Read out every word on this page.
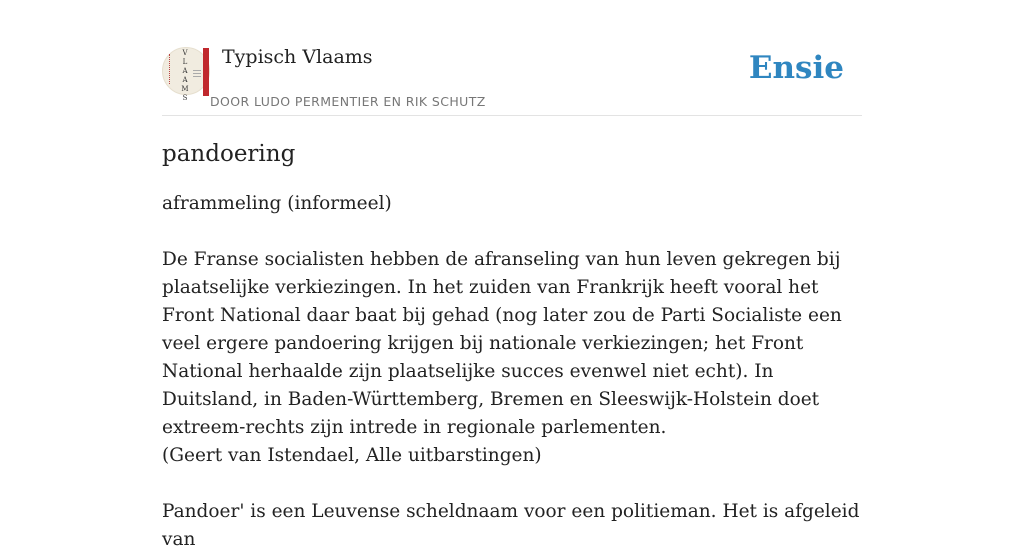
V
L
A
A
M
S
Typisch Vlaams
DOOR LUDO PERMENTIER EN RIK SCHUTZ
Ensie
pandoering

aframmeling (informeel)

De Franse socialisten hebben de afranseling van hun leven gekregen bij plaatselijke verkiezingen. In het zuiden van Frankrijk heeft vooral het Front National daar baat bij gehad (nog later zou de Parti Socialiste een veel ergere pandoering krijgen bij nationale verkiezingen; het Front National herhaalde zijn plaatselijke succes evenwel niet echt). In Duitsland, in Baden-Württemberg, Bremen en Sleeswijk-Holstein doet extreem-rechts zijn intrede in regionale parlementen.

(Geert van Istendael, Alle uitbarstingen)

Pandoer' is een Leuvense scheldnaam voor een politieman. Het is afgeleid van
